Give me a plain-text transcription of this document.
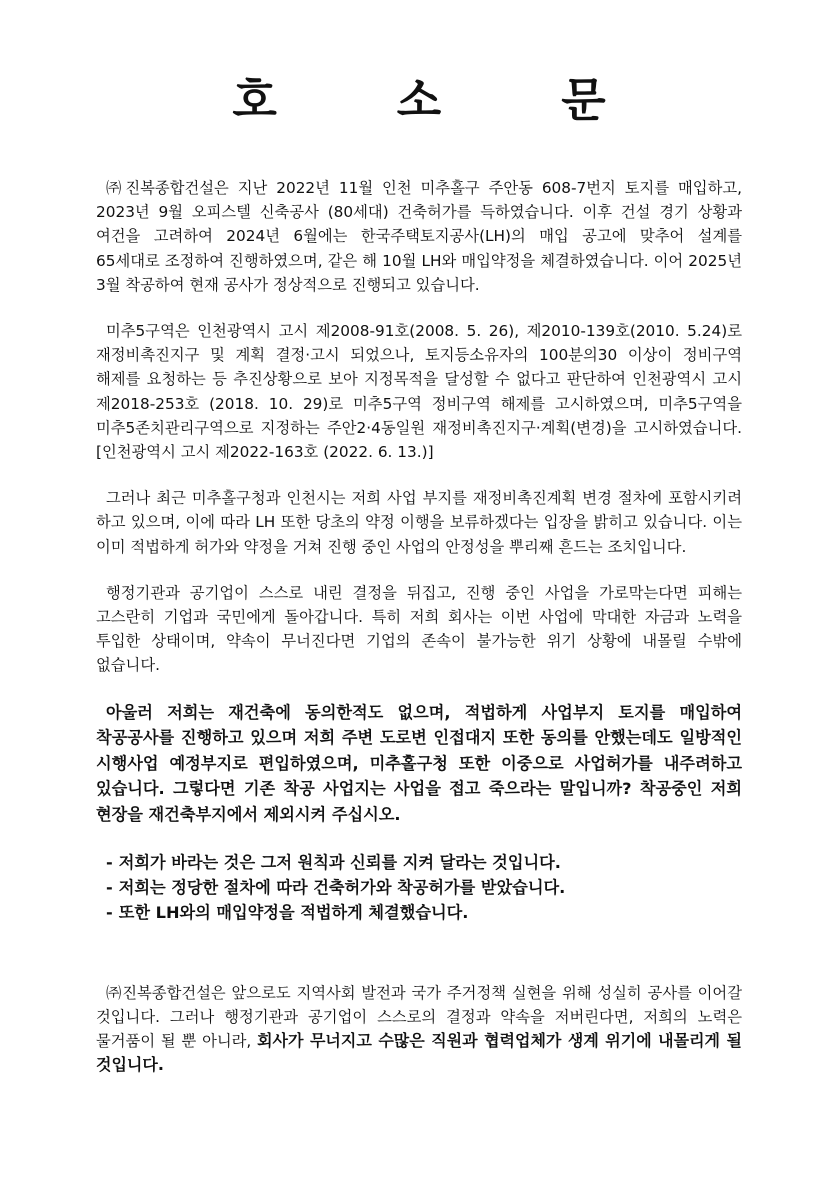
호 소 문

㈜진복종합건설은 지난 2022년 11월 인천 미추홀구 주안동 608-7번지 토지를 매입하고, 2023년 9월 오피스텔 신축공사 (80세대) 건축허가를 득하였습니다. 이후 건설 경기 상황과 여건을 고려하여 2024년 6월에는 한국주택토지공사(LH)의 매입 공고에 맞추어 설계를 65세대로 조정하여 진행하였으며, 같은 해 10월 LH와 매입약정을 체결하였습니다. 이어 2025년 3월 착공하여 현재 공사가 정상적으로 진행되고 있습니다.

미추5구역은 인천광역시 고시 제2008-91호(2008. 5. 26), 제2010-139호(2010. 5.24)로 재정비촉진지구 및 계획 결정·고시 되었으나, 토지등소유자의 100분의30 이상이 정비구역 해제를 요청하는 등 추진상황으로 보아 지정목적을 달성할 수 없다고 판단하여 인천광역시 고시 제2018-253호 (2018. 10. 29)로 미추5구역 정비구역 해제를 고시하였으며, 미추5구역을 미추5존치관리구역으로 지정하는 주안2·4동일원 재정비촉진지구·계획(변경)을 고시하였습니다. [인천광역시 고시 제2022-163호 (2022. 6. 13.)]

그러나 최근 미추홀구청과 인천시는 저희 사업 부지를 재정비촉진계획 변경 절차에 포함시키려 하고 있으며, 이에 따라 LH 또한 당초의 약정 이행을 보류하겠다는 입장을 밝히고 있습니다. 이는 이미 적법하게 허가와 약정을 거쳐 진행 중인 사업의 안정성을 뿌리째 흔드는 조치입니다.

행정기관과 공기업이 스스로 내린 결정을 뒤집고, 진행 중인 사업을 가로막는다면 피해는 고스란히 기업과 국민에게 돌아갑니다. 특히 저희 회사는 이번 사업에 막대한 자금과 노력을 투입한 상태이며, 약속이 무너진다면 기업의 존속이 불가능한 위기 상황에 내몰릴 수밖에 없습니다.

아울러 저희는 재건축에 동의한적도 없으며, 적법하게 사업부지 토지를 매입하여 착공공사를 진행하고 있으며 저희 주변 도로변 인접대지 또한 동의를 안했는데도 일방적인 시행사업 예정부지로 편입하였으며, 미추홀구청 또한 이중으로 사업허가를 내주려하고 있습니다. 그렇다면 기존 착공 사업지는 사업을 접고 죽으라는 말입니까? 착공중인 저희 현장을 재건축부지에서 제외시켜 주십시오.

- 저희가 바라는 것은 그저 원칙과 신뢰를 지켜 달라는 것입니다.
- 저희는 정당한 절차에 따라 건축허가와 착공허가를 받았습니다.
- 또한 LH와의 매입약정을 적법하게 체결했습니다.

㈜진복종합건설은 앞으로도 지역사회 발전과 국가 주거정책 실현을 위해 성실히 공사를 이어갈 것입니다. 그러나 행정기관과 공기업이 스스로의 결정과 약속을 저버린다면, 저희의 노력은 물거품이 될 뿐 아니라, 회사가 무너지고 수많은 직원과 협력업체가 생계 위기에 내몰리게 될 것입니다.
